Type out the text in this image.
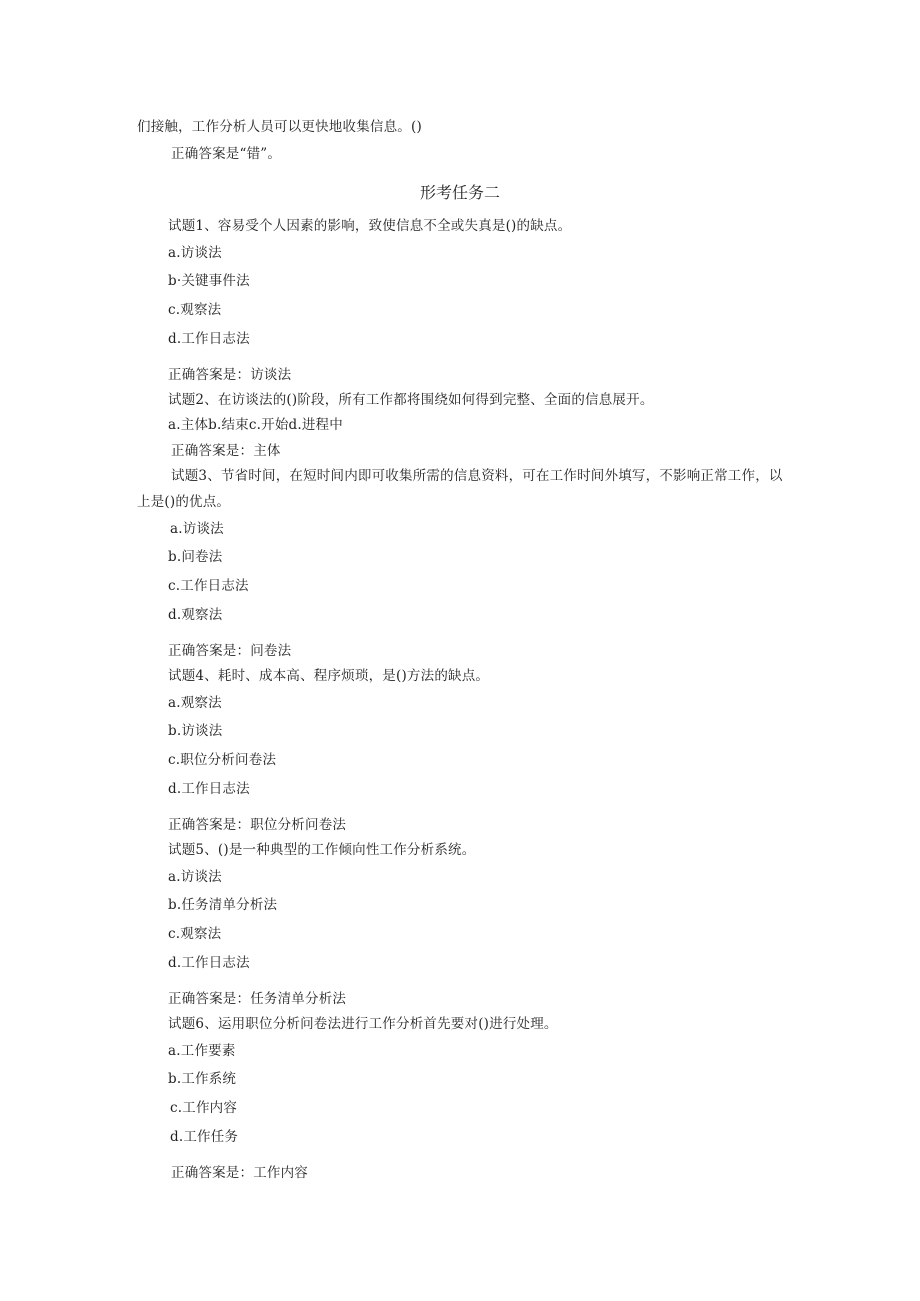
们接触，工作分析人员可以更快地收集信息。()
正确答案是“错”。
形考任务二
试题1、容易受个人因素的影响，致使信息不全或失真是()的缺点。
a.访谈法
b·关键事件法
c.观察法
d.工作日志法
正确答案是：访谈法
试题2、在访谈法的()阶段，所有工作都将围绕如何得到完整、全面的信息展开。
a.主体b.结束c.开始d.进程中
正确答案是：主体
试题3、节省时间，在短时间内即可收集所需的信息资料，可在工作时间外填写，不影响正常工作，以上是()的优点。
a.访谈法
b.问卷法
c.工作日志法
d.观察法
正确答案是：问卷法
试题4、耗时、成本高、程序烦琐，是()方法的缺点。
a.观察法
b.访谈法
c.职位分析问卷法
d.工作日志法
正确答案是：职位分析问卷法
试题5、()是一种典型的工作倾向性工作分析系统。
a.访谈法
b.任务清单分析法
c.观察法
d.工作日志法
正确答案是：任务清单分析法
试题6、运用职位分析问卷法进行工作分析首先要对()进行处理。
a.工作要素
b.工作系统
c.工作内容
d.工作任务
正确答案是：工作内容
